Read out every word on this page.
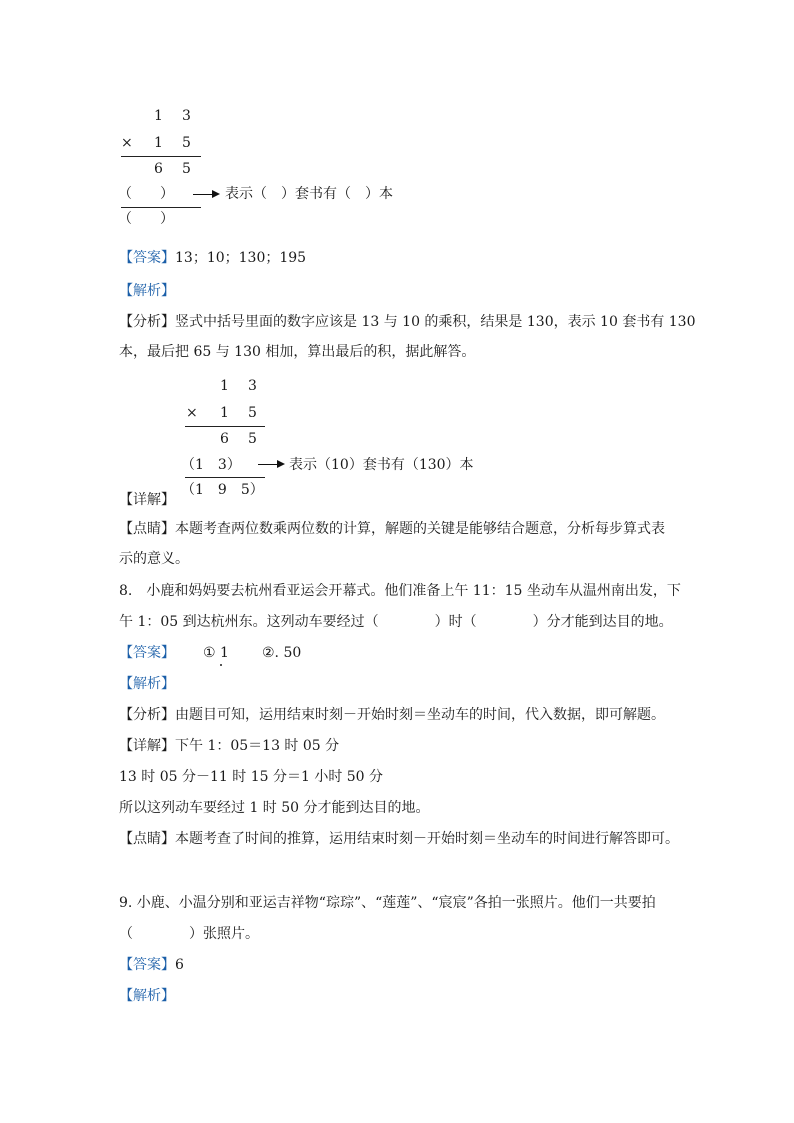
1 3
× 1 5
6 5
（　　）	表示（　）套书有（　）本
（　　）
【答案】13；10；130；195
【解析】
【分析】竖式中括号里面的数字应该是 13 与 10 的乘积，结果是 130，表示 10 套书有 130
本，最后把 65 与 130 相加，算出最后的积，据此解答。
1 3
× 1 5
6 5
（1　3）	表示（10）套书有（130）本
（1　9　5）
【详解】
【点睛】本题考查两位数乘两位数的计算，解题的关键是能够结合题意，分析每步算式表
示的意义。
8.　小鹿和妈妈要去杭州看亚运会开幕式。他们准备上午 11：15 坐动车从温州南出发，下
午 1：05 到达杭州东。这列动车要经过（　　　　）时（　　　　）分才能到达目的地。
【答案】 ① 1 ②. 50
【解析】
【分析】由题目可知，运用结束时刻－开始时刻＝坐动车的时间，代入数据，即可解题。
【详解】下午 1：05＝13 时 05 分
13 时 05 分－11 时 15 分＝1 小时 50 分
所以这列动车要经过 1 时 50 分才能到达目的地。
【点睛】本题考查了时间的推算，运用结束时刻－开始时刻＝坐动车的时间进行解答即可。
9. 小鹿、小温分别和亚运吉祥物“琮琮”、“莲莲”、“宸宸”各拍一张照片。他们一共要拍
（　　　　）张照片。
【答案】6
【解析】
